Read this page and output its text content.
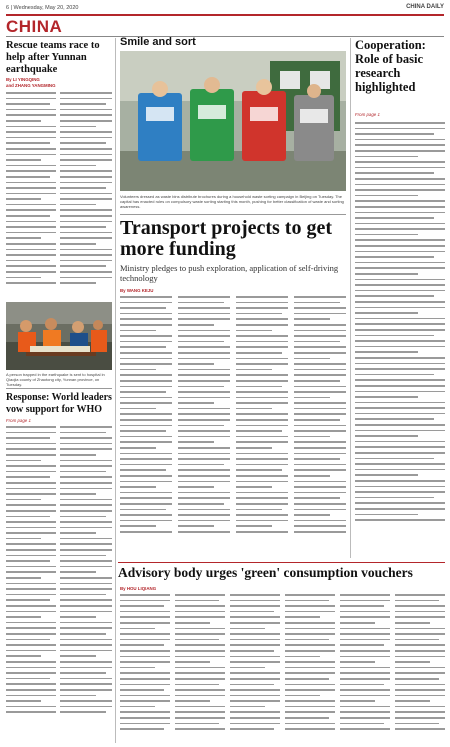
6 | Wednesday, May 20, 2020	CHINA DAILY
CHINA
Rescue teams race to help after Yunnan earthquake
By LI YINGQING
and ZHANG YANGMING
A person trapped in the earthquake is sent to hospital in Qiaojia county of Zhaotong city, Yunnan province, on Tuesday.
Response: World leaders vow support for WHO
From page 1
Smile and sort
Volunteers dressed as waste bins distribute brochures during a household waste sorting campaign in Beijing on Tuesday. The capital has enacted rules on compulsory waste sorting starting this month, pushing for better classification of waste and sorting awareness.
Transport projects to get more funding
Ministry pledges to push exploration, application of self-driving technology
By WANG KEJU
Cooperation: Role of basic research highlighted
From page 1
Advisory body urges 'green' consumption vouchers
By HOU LIQIANG
